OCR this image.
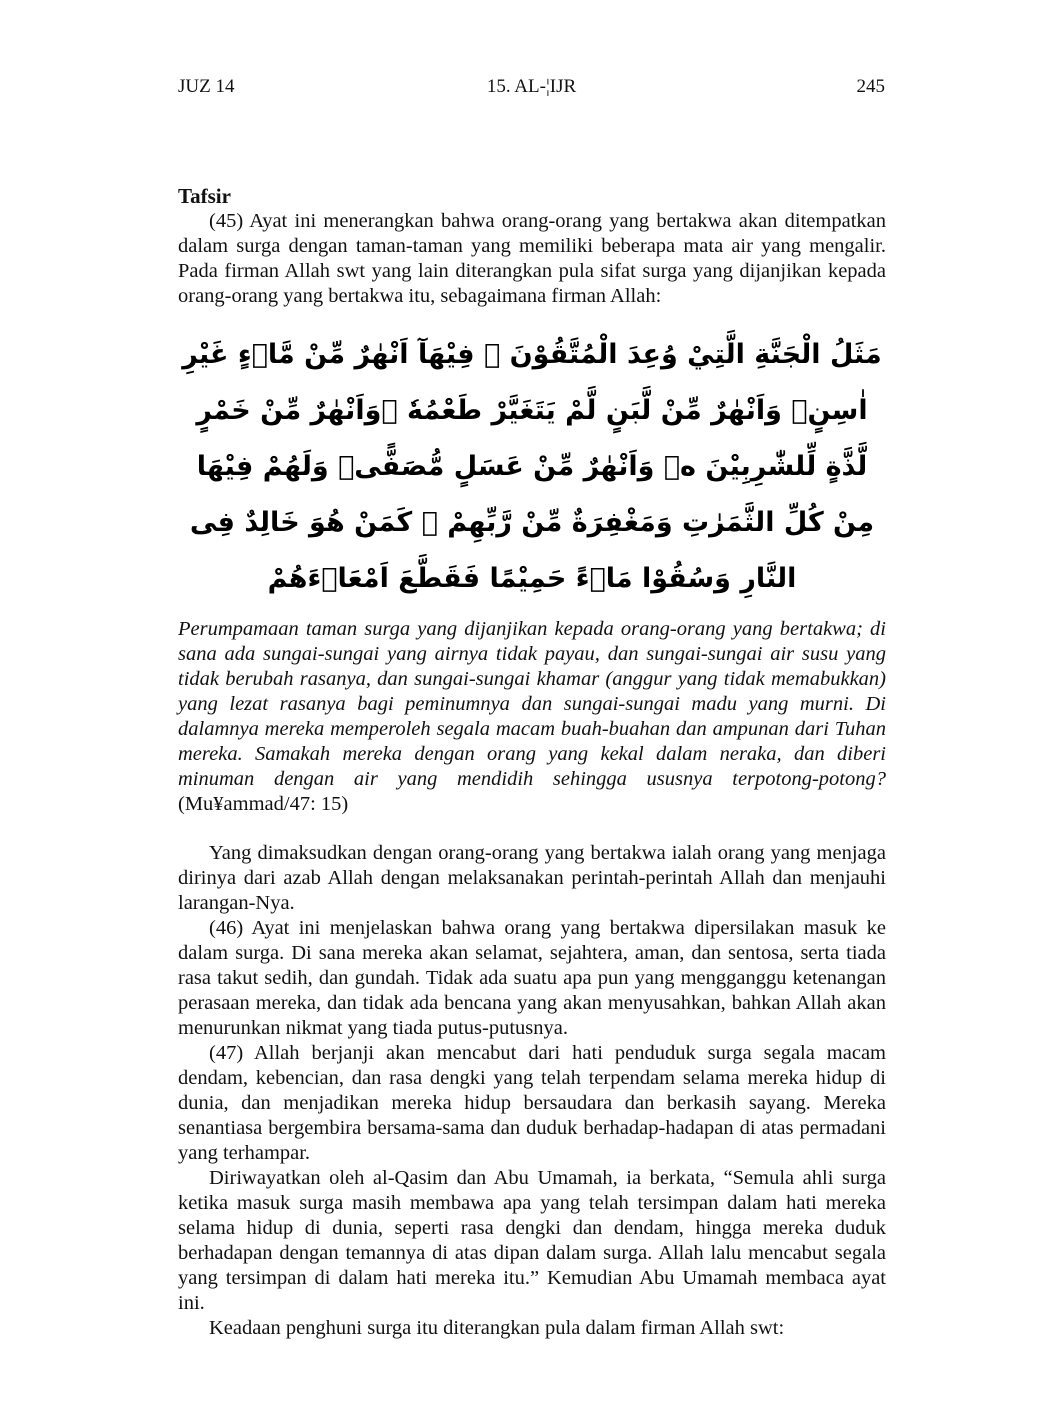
JUZ 14	15. AL-¦IJR	245
Tafsir

(45) Ayat ini menerangkan bahwa orang-orang yang bertakwa akan ditempatkan dalam surga dengan taman-taman yang memiliki beberapa mata air yang mengalir. Pada firman Allah swt yang lain diterangkan pula sifat surga yang dijanjikan kepada orang-orang yang bertakwa itu, sebagaimana firman Allah:

مَثَلُ الْجَنَّةِ الَّتِيْ وُعِدَ الْمُتَّقُوْنَ ۗ فِيْهَآ اَنْهٰرٌ مِّنْ مَّاۤءٍ غَيْرِ اٰسِنٍۚ وَاَنْهٰرٌ مِّنْ لَّبَنٍ لَّمْ يَتَغَيَّرْ طَعْمُهٗ ۚوَاَنْهٰرٌ مِّنْ خَمْرٍ لَّذَّةٍ لِّلشّٰرِبِيْنَ ەۚ وَاَنْهٰرٌ مِّنْ عَسَلٍ مُّصَفًّىۗ وَلَهُمْ فِيْهَا مِنْ كُلِّ الثَّمَرٰتِ وَمَغْفِرَةٌ مِّنْ رَّبِّهِمْ ۗ كَمَنْ هُوَ خَالِدٌ فِى النَّارِ وَسُقُوْا مَاۤءً حَمِيْمًا فَقَطَّعَ اَمْعَاۤءَهُمْ

Perumpamaan taman surga yang dijanjikan kepada orang-orang yang bertakwa; di sana ada sungai-sungai yang airnya tidak payau, dan sungai-sungai air susu yang tidak berubah rasanya, dan sungai-sungai khamar (anggur yang tidak memabukkan) yang lezat rasanya bagi peminumnya dan sungai-sungai madu yang murni. Di dalamnya mereka memperoleh segala macam buah-buahan dan ampunan dari Tuhan mereka. Samakah mereka dengan orang yang kekal dalam neraka, dan diberi minuman dengan air yang mendidih sehingga ususnya terpotong-potong? (Mu¥ammad/47: 15)

Yang dimaksudkan dengan orang-orang yang bertakwa ialah orang yang menjaga dirinya dari azab Allah dengan melaksanakan perintah-perintah Allah dan menjauhi larangan-Nya.

(46) Ayat ini menjelaskan bahwa orang yang bertakwa dipersilakan masuk ke dalam surga. Di sana mereka akan selamat, sejahtera, aman, dan sentosa, serta tiada rasa takut sedih, dan gundah. Tidak ada suatu apa pun yang mengganggu ketenangan perasaan mereka, dan tidak ada bencana yang akan menyusahkan, bahkan Allah akan menurunkan nikmat yang tiada putus-putusnya.

(47) Allah berjanji akan mencabut dari hati penduduk surga segala macam dendam, kebencian, dan rasa dengki yang telah terpendam selama mereka hidup di dunia, dan menjadikan mereka hidup bersaudara dan berkasih sayang. Mereka senantiasa bergembira bersama-sama dan duduk berhadap-hadapan di atas permadani yang terhampar.

Diriwayatkan oleh al-Qasim dan Abu Umamah, ia berkata, “Semula ahli surga ketika masuk surga masih membawa apa yang telah tersimpan dalam hati mereka selama hidup di dunia, seperti rasa dengki dan dendam, hingga mereka duduk berhadapan dengan temannya di atas dipan dalam surga. Allah lalu mencabut segala yang tersimpan di dalam hati mereka itu.” Kemudian Abu Umamah membaca ayat ini.

Keadaan penghuni surga itu diterangkan pula dalam firman Allah swt:
